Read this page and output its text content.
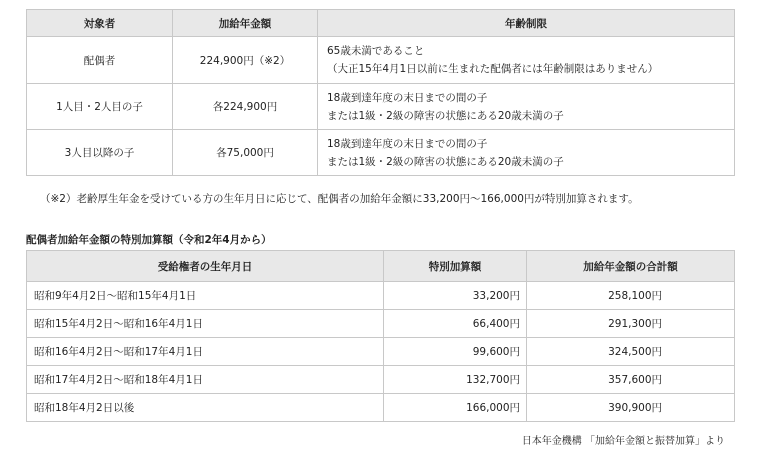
対象者	加給年金額	年齢制限
配偶者	224,900円（※2）	65歳未満であること
（大正15年4月1日以前に生まれた配偶者には年齢制限はありません）

1人目・2人目の子	各224,900円	18歳到達年度の末日までの間の子
または1級・2級の障害の状態にある20歳未満の子

3人目以降の子	各75,000円	18歳到達年度の末日までの間の子
または1級・2級の障害の状態にある20歳未満の子
（※2）老齢厚生年金を受けている方の生年月日に応じて、配偶者の加給年金額に33,200円～166,000円が特別加算されます。
配偶者加給年金額の特別加算額（令和2年4月から）
受給権者の生年月日	特別加算額	加給年金額の合計額
昭和9年4月2日～昭和15年4月1日	33,200円	258,100円
昭和15年4月2日～昭和16年4月1日	66,400円	291,300円
昭和16年4月2日～昭和17年4月1日	99,600円	324,500円
昭和17年4月2日～昭和18年4月1日	132,700円	357,600円
昭和18年4月2日以後	166,000円	390,900円
日本年金機構 「加給年金額と振替加算」より
